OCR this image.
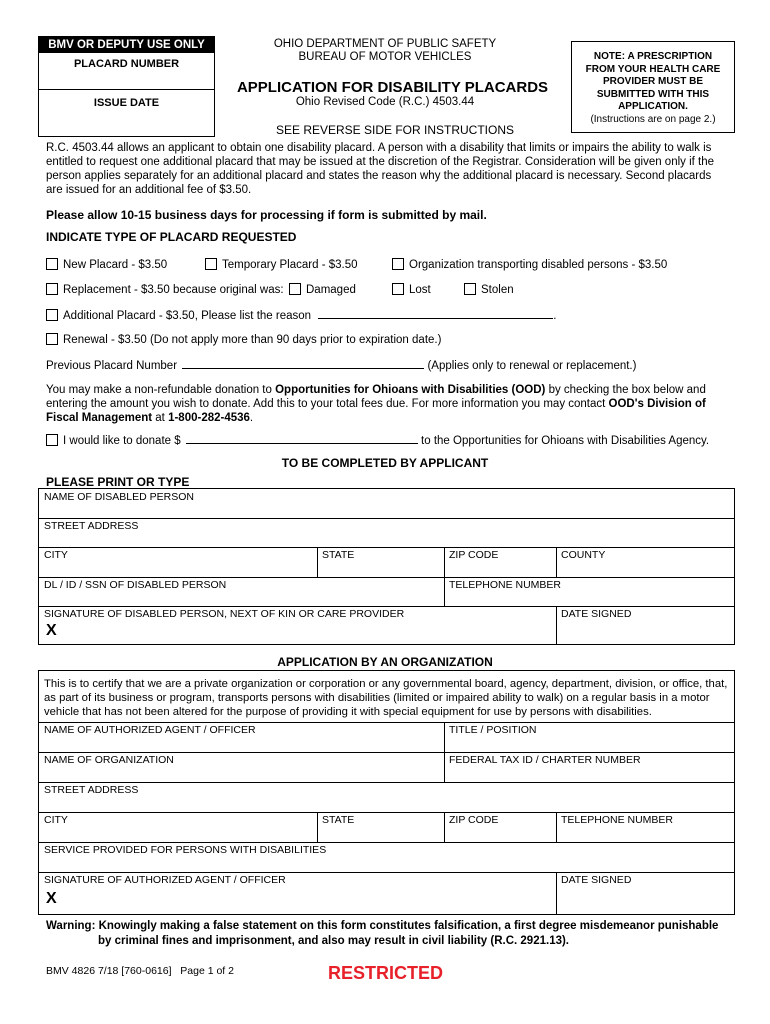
BMV OR DEPUTY USE ONLY
PLACARD NUMBER
ISSUE DATE
OHIO DEPARTMENT OF PUBLIC SAFETY
BUREAU OF MOTOR VEHICLES
APPLICATION FOR DISABILITY PLACARDS
Ohio Revised Code (R.C.) 4503.44
SEE REVERSE SIDE FOR INSTRUCTIONS
NOTE: A PRESCRIPTION
FROM YOUR HEALTH CARE
PROVIDER MUST BE
SUBMITTED WITH THIS
APPLICATION.
(Instructions are on page 2.)
R.C. 4503.44 allows an applicant to obtain one disability placard. A person with a disability that limits or impairs the ability to walk is entitled to request one additional placard that may be issued at the discretion of the Registrar. Consideration will be given only if the person applies separately for an additional placard and states the reason why the additional placard is necessary. Second placards are issued for an additional fee of $3.50.
Please allow 10-15 business days for processing if form is submitted by mail.
INDICATE TYPE OF PLACARD REQUESTED
New Placard - $3.50	Temporary Placard - $3.50	Organization transporting disabled persons - $3.50
Replacement - $3.50 because original was:	Damaged	Lost	Stolen
Additional Placard - $3.50, Please list the reason	.
Renewal - $3.50 (Do not apply more than 90 days prior to expiration date.)
Previous Placard Number	(Applies only to renewal or replacement.)
You may make a non-refundable donation to Opportunities for Ohioans with Disabilities (OOD) by checking the box below and entering the amount you wish to donate. Add this to your total fees due. For more information you may contact OOD's Division of Fiscal Management at 1-800-282-4536.
I would like to donate $	to the Opportunities for Ohioans with Disabilities Agency.
TO BE COMPLETED BY APPLICANT
PLEASE PRINT OR TYPE
NAME OF DISABLED PERSON
STREET ADDRESS
CITY	STATE	ZIP CODE	COUNTY
DL / ID / SSN OF DISABLED PERSON	TELEPHONE NUMBER
SIGNATURE OF DISABLED PERSON, NEXT OF KIN OR CARE PROVIDER
X
DATE SIGNED
APPLICATION BY AN ORGANIZATION
This is to certify that we are a private organization or corporation or any governmental board, agency, department, division, or office, that, as part of its business or program, transports persons with disabilities (limited or impaired ability to walk) on a regular basis in a motor vehicle that has not been altered for the purpose of providing it with special equipment for use by persons with disabilities.
NAME OF AUTHORIZED AGENT / OFFICER	TITLE / POSITION
NAME OF ORGANIZATION	FEDERAL TAX ID / CHARTER NUMBER
STREET ADDRESS
CITY	STATE	ZIP CODE	TELEPHONE NUMBER
SERVICE PROVIDED FOR PERSONS WITH DISABILITIES
SIGNATURE OF AUTHORIZED AGENT / OFFICER
X
DATE SIGNED
Warning: Knowingly making a false statement on this form constitutes falsification, a first degree misdemeanor punishable
by criminal fines and imprisonment, and also may result in civil liability (R.C. 2921.13).
BMV 4826 7/18 [760-0616]   Page 1 of 2	RESTRICTED
